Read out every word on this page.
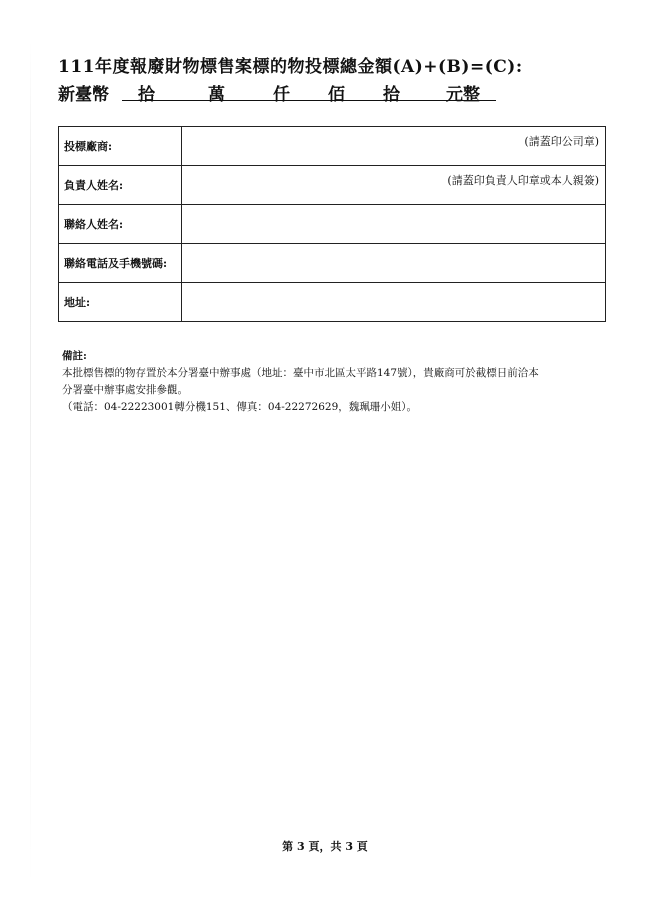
111年度報廢財物標售案標的物投標總金額(A)+(B)=(C):
新臺幣 拾	萬	仟 佰 拾	元整
投標廠商:	(請蓋印公司章)

負責人姓名:	(請蓋印負責人印章或本人親簽)

聯絡人姓名:	
聯絡電話及手機號碼:	
地址:	

備註:

本批標售標的物存置於本分署臺中辦事處（地址：臺中市北區太平路147號），貴廠商可於截標日前洽本

分署臺中辦事處安排參觀。

（電話：04-22223001轉分機151、傳真：04-22272629，魏珮珊小姐）。

第 3 頁，共 3 頁
